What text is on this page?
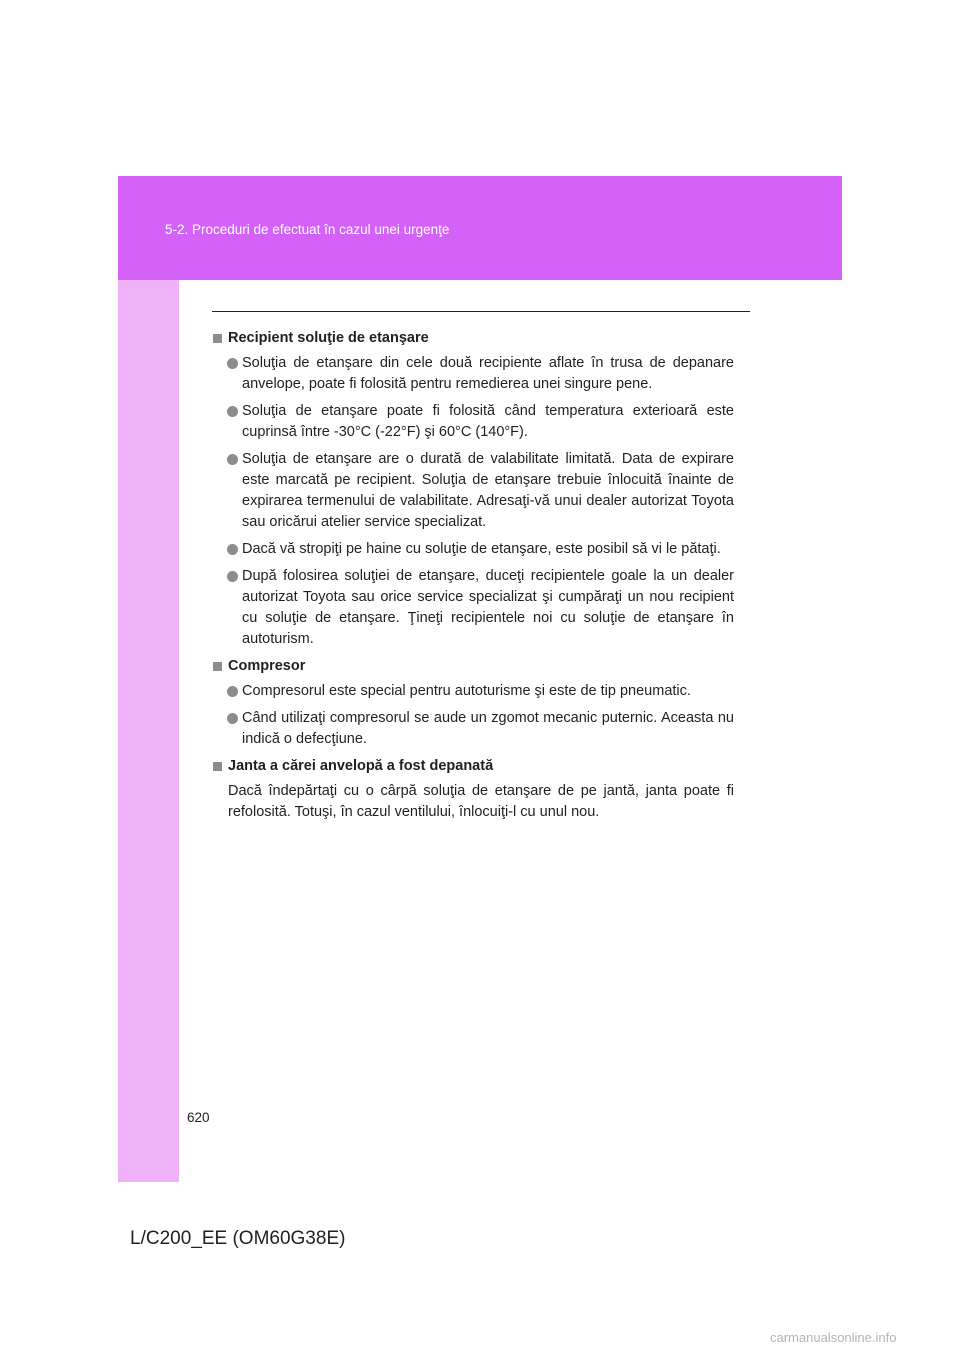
5-2. Proceduri de efectuat în cazul unei urgenţe
620
Recipient soluţie de etanşare
Soluţia de etanşare din cele două recipiente aflate în trusa de depanare anvelope, poate fi folosită pentru remedierea unei singure pene.
Soluţia de etanşare poate fi folosită când temperatura exterioară este cuprinsă între -30°C (-22°F) şi 60°C (140°F).
Soluţia de etanşare are o durată de valabilitate limitată. Data de expirare este marcată pe recipient. Soluţia de etanşare trebuie înlocuită înainte de expirarea termenului de valabilitate. Adresaţi-vă unui dealer autorizat Toyota sau oricărui atelier service specializat.
Dacă vă stropiţi pe haine cu soluţie de etanşare, este posibil să vi le pătaţi.
După folosirea soluţiei de etanşare, duceţi recipientele goale la un dealer autorizat Toyota sau orice service specializat şi cumpăraţi un nou recipient cu soluţie de etanşare. Ţineţi recipientele noi cu soluţie de etanşare în autoturism.
Compresor
Compresorul este special pentru autoturisme şi este de tip pneumatic.
Când utilizaţi compresorul se aude un zgomot mecanic puternic. Aceasta nu indică o defecţiune.
Janta a cărei anvelopă a fost depanată
Dacă îndepărtaţi cu o cârpă soluţia de etanşare de pe jantă, janta poate fi refolosită. Totuşi, în cazul ventilului, înlocuiţi-l cu unul nou.
L/C200_EE (OM60G38E)
carmanualsonline.info
